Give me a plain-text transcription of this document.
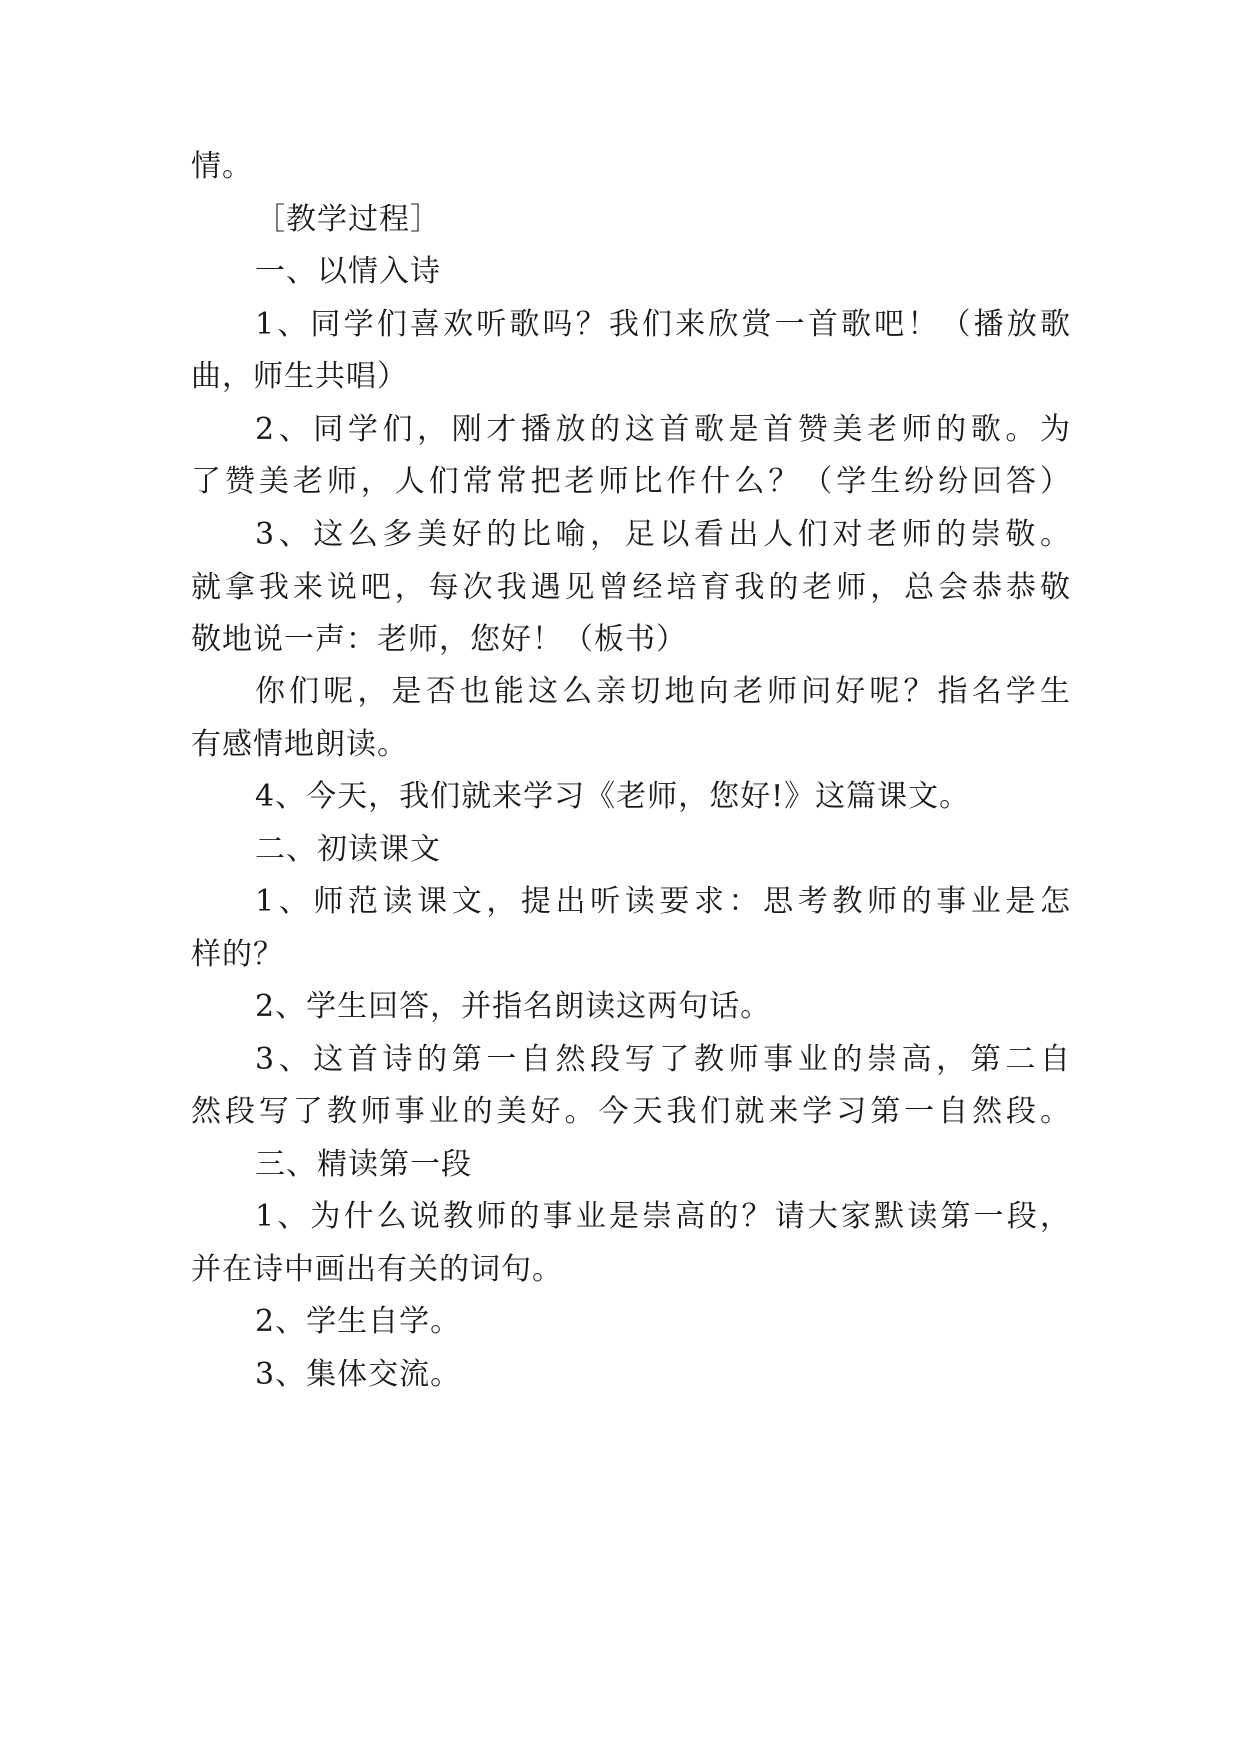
情。
［教学过程］
一、以情入诗
1、同学们喜欢听歌吗？我们来欣赏一首歌吧！（播放歌
曲，师生共唱）
2、同学们，刚才播放的这首歌是首赞美老师的歌。为
了赞美老师，人们常常把老师比作什么？（学生纷纷回答）
3、这么多美好的比喻，足以看出人们对老师的崇敬。
就拿我来说吧，每次我遇见曾经培育我的老师，总会恭恭敬
敬地说一声：老师，您好！（板书）
你们呢，是否也能这么亲切地向老师问好呢？指名学生
有感情地朗读。
4、今天，我们就来学习《老师，您好!》这篇课文。
二、初读课文
1、师范读课文，提出听读要求：思考教师的事业是怎
样的？
2、学生回答，并指名朗读这两句话。
3、这首诗的第一自然段写了教师事业的崇高，第二自
然段写了教师事业的美好。今天我们就来学习第一自然段。
三、精读第一段
1、为什么说教师的事业是崇高的？请大家默读第一段，
并在诗中画出有关的词句。
2、学生自学。
3、集体交流。
